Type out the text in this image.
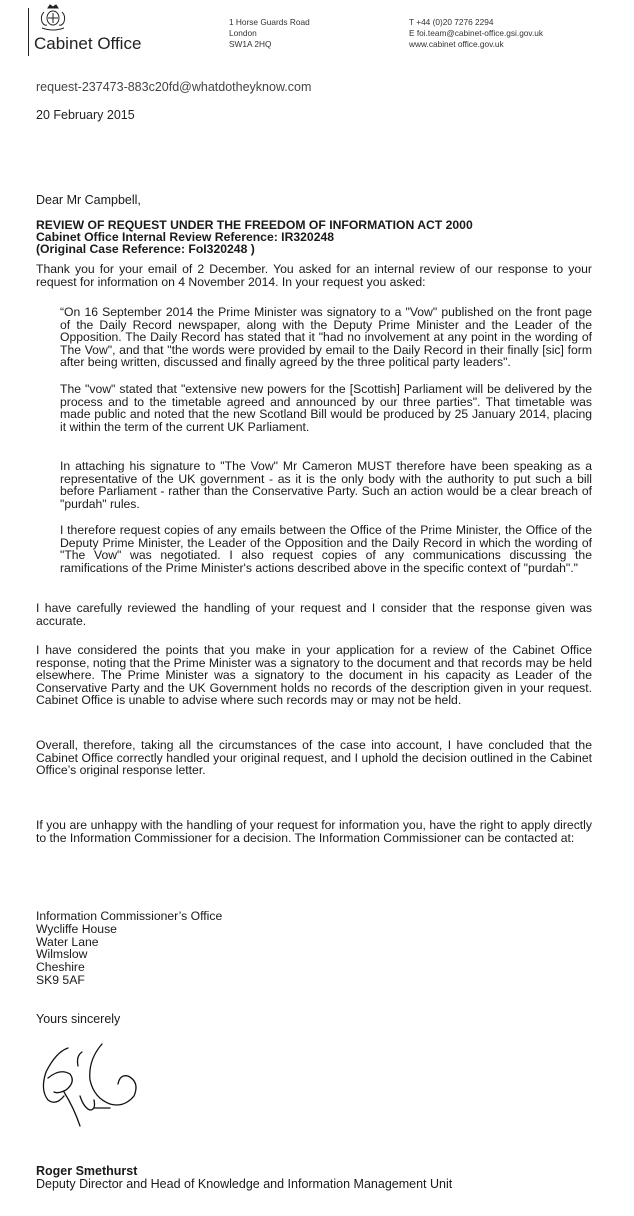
Cabinet Office
1 Horse Guards Road
London
SW1A 2HQ
T +44 (0)20 7276 2294
E foi.team@cabinet-office.gsi.gov.uk
www.cabinet office.gov.uk
request-237473-883c20fd@whatdotheyknow.com
20 February 2015
Dear Mr Campbell,
REVIEW OF REQUEST UNDER THE FREEDOM OF INFORMATION ACT 2000
Cabinet Office Internal Review Reference: IR320248
(Original Case Reference: FoI320248 )
Thank you for your email of 2 December. You asked for an internal review of our response to your request for information on 4 November 2014. In your request you asked:
“On 16 September 2014 the Prime Minister was signatory to a "Vow" published on the front page of the Daily Record newspaper, along with the Deputy Prime Minister and the Leader of the Opposition. The Daily Record has stated that it "had no involvement at any point in the wording of The Vow", and that "the words were provided by email to the Daily Record in their finally [sic] form after being written, discussed and finally agreed by the three political party leaders".
The "vow" stated that "extensive new powers for the [Scottish] Parliament will be delivered by the process and to the timetable agreed and announced by our three parties". That timetable was made public and noted that the new Scotland Bill would be produced by 25 January 2014, placing it within the term of the current UK Parliament.
In attaching his signature to "The Vow" Mr Cameron MUST therefore have been speaking as a representative of the UK government - as it is the only body with the authority to put such a bill before Parliament - rather than the Conservative Party. Such an action would be a clear breach of "purdah" rules.
I therefore request copies of any emails between the Office of the Prime Minister, the Office of the Deputy Prime Minister, the Leader of the Opposition and the Daily Record in which the wording of "The Vow" was negotiated. I also request copies of any communications discussing the ramifications of the Prime Minister's actions described above in the specific context of "purdah"."
I have carefully reviewed the handling of your request and I consider that the response given was accurate.
I have considered the points that you make in your application for a review of the Cabinet Office response, noting that the Prime Minister was a signatory to the document and that records may be held elsewhere. The Prime Minister was a signatory to the document in his capacity as Leader of the Conservative Party and the UK Government holds no records of the description given in your request. Cabinet Office is unable to advise where such records may or may not be held.
Overall, therefore, taking all the circumstances of the case into account, I have concluded that the Cabinet Office correctly handled your original request, and I uphold the decision outlined in the Cabinet Office’s original response letter.
If you are unhappy with the handling of your request for information you, have the right to apply directly to the Information Commissioner for a decision. The Information Commissioner can be contacted at:
Information Commissioner’s Office
Wycliffe House
Water Lane
Wilmslow
Cheshire
SK9 5AF
Yours sincerely
Roger Smethurst
Deputy Director and Head of Knowledge and Information Management Unit
